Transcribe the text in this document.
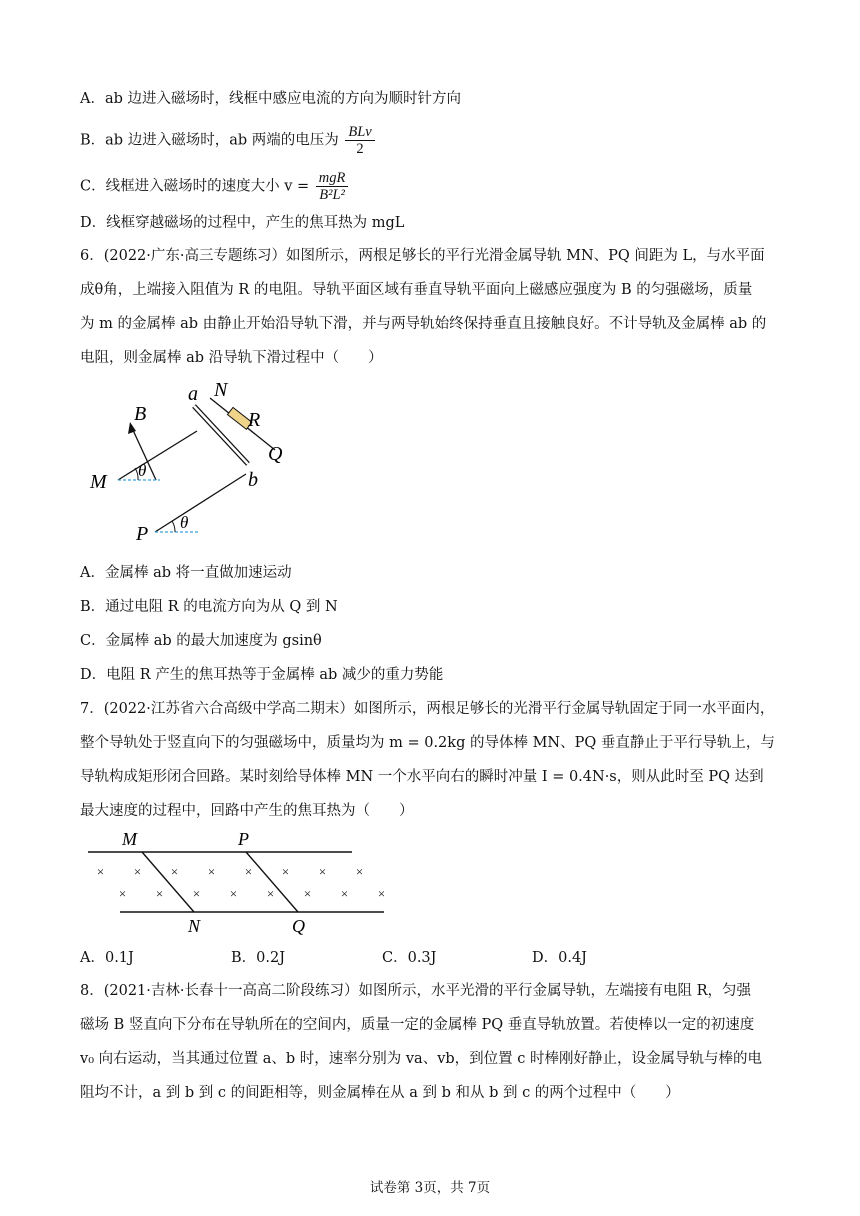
A．ab 边进入磁场时，线框中感应电流的方向为顺时针方向
B．ab 边进入磁场时，ab 两端的电压为 $\frac{\text{BLv}}{2}$
C．线框进入磁场时的速度大小 $v = \frac{\text{mgR}}{\text{B²L²}}$
D．线框穿越磁场的过程中，产生的焦耳热为 mgL
6．(2022·广东·高三专题练习）如图所示，两根足够长的平行光滑金属导轨 MN、PQ 间距为 L，与水平面
成θ角，上端接入阻值为 R 的电阻。导轨平面区域有垂直导轨平面向上磁感应强度为 B 的匀强磁场，质量
为 m 的金属棒 ab 由静止开始沿导轨下滑，并与两导轨始终保持垂直且接触良好。不计导轨及金属棒 ab 的
电阻，则金属棒 ab 沿导轨下滑过程中（　　）
B
a N
R
Q
b
M
θ
P
θ
A．金属棒 ab 将一直做加速运动
B．通过电阻 R 的电流方向为从 Q 到 N
C．金属棒 ab 的最大加速度为 gsinθ
D．电阻 R 产生的焦耳热等于金属棒 ab 减少的重力势能
7．(2022·江苏省六合高级中学高二期末）如图所示，两根足够长的光滑平行金属导轨固定于同一水平面内，
整个导轨处于竖直向下的匀强磁场中，质量均为 m = 0.2kg 的导体棒 MN、PQ 垂直静止于平行导轨上，与
导轨构成矩形闭合回路。某时刻给导体棒 MN 一个水平向右的瞬时冲量 I = 0.4N·s，则从此时至 PQ 达到
最大速度的过程中，回路中产生的焦耳热为（　　）
× × × × × × × ×
× × × × × × × ×
M	P
N	Q
A．0.1J	B．0.2J	C．0.3J	D．0.4J
8．(2021·吉林·长春十一高高二阶段练习）如图所示，水平光滑的平行金属导轨，左端接有电阻 R，匀强
磁场 B 竖直向下分布在导轨所在的空间内，质量一定的金属棒 PQ 垂直导轨放置。若使棒以一定的初速度
v₀ 向右运动，当其通过位置 a、b 时，速率分别为 va、vb，到位置 c 时棒刚好静止，设金属导轨与棒的电
阻均不计，a 到 b 到 c 的间距相等，则金属棒在从 a 到 b 和从 b 到 c 的两个过程中（　　）
试卷第 3页，共 7页
